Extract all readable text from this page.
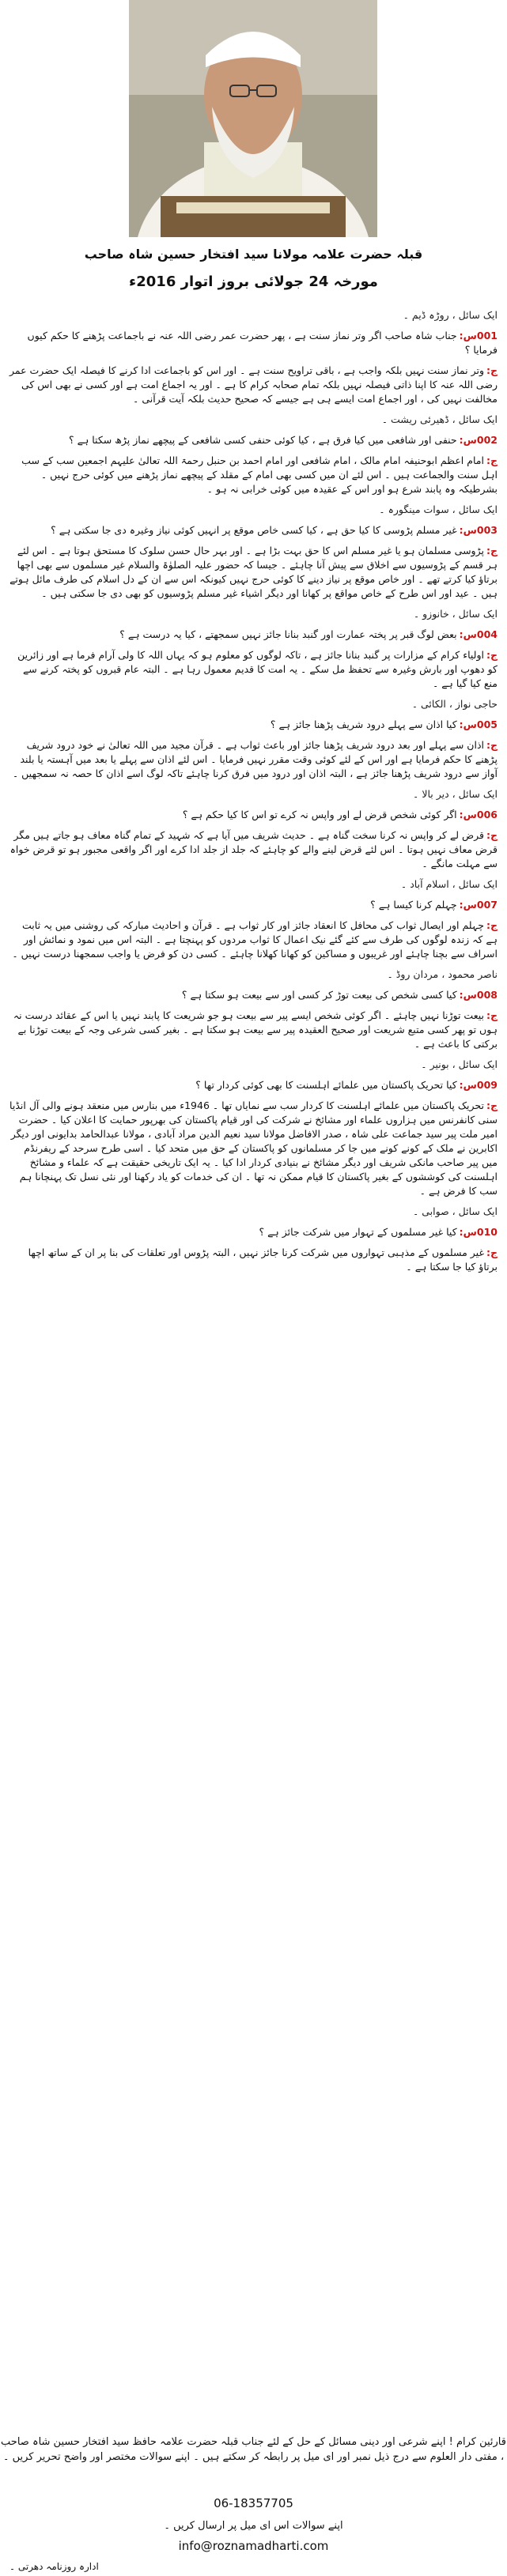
قبلہ حضرت علامہ مولانا سید افتخار حسین شاہ صاحب
مورخہ 24 جولائی بروز اتوار 2016ء

ایک سائل ، روڑہ ڈیم ۔

001س:جناب شاہ صاحب اگر وتر نماز سنت ہے ، پھر حضرت عمر رضی اللہ عنہ نے باجماعت پڑھنے کا حکم کیوں فرمایا ؟

ج:وتر نماز سنت نہیں بلکہ واجب ہے ، باقی تراویح سنت ہے ۔ اور اس کو باجماعت ادا کرنے کا فیصلہ ایک حضرت عمر رضی اللہ عنہ کا اپنا ذاتی فیصلہ نہیں بلکہ تمام صحابہ کرام کا ہے ۔ اور یہ اجماع امت ہے اور کسی نے بھی اس کی مخالفت نہیں کی ، اور اجماع امت ایسے ہی ہے جیسے کہ صحیح حدیث بلکہ آیت قرآنی ۔

ایک سائل ، ڈھیرئی ریشت ۔

002س:حنفی اور شافعی میں کیا فرق ہے ، کیا کوئی حنفی کسی شافعی کے پیچھے نماز پڑھ سکتا ہے ؟

ج:امام اعظم ابوحنیفہ امام مالک ، امام شافعی اور امام احمد بن حنبل رحمۃ اللہ تعالیٰ علیہم اجمعین سب کے سب اہل سنت والجماعت ہیں ۔ اس لئے ان میں کسی بھی امام کے مقلد کے پیچھے نماز پڑھنے میں کوئی حرج نہیں ۔ بشرطیکہ وہ پابند شرع ہو اور اس کے عقیدہ میں کوئی خرابی نہ ہو ۔

ایک سائل ، سوات مینگورہ ۔

003س:غیر مسلم پڑوسی کا کیا حق ہے ، کیا کسی خاص موقع پر انہیں کوئی نیاز وغیرہ دی جا سکتی ہے ؟

ج:پڑوسی مسلمان ہو یا غیر مسلم اس کا حق بہت بڑا ہے ۔ اور بہر حال حسن سلوک کا مستحق ہوتا ہے ۔ اس لئے ہر قسم کے پڑوسیوں سے اخلاق سے پیش آنا چاہئے ۔ جیسا کہ حضور علیہ الصلوٰۃ والسلام غیر مسلموں سے بھی اچھا برتاؤ کیا کرتے تھے ۔ اور خاص موقع پر نیاز دینے کا کوئی حرج نہیں کیونکہ اس سے ان کے دل اسلام کی طرف مائل ہوتے ہیں ۔ عید اور اس طرح کے خاص مواقع پر کھانا اور دیگر اشیاء غیر مسلم پڑوسیوں کو بھی دی جا سکتی ہیں ۔

ایک سائل ، خانوزو ۔

004س:بعض لوگ قبر پر پختہ عمارت اور گنبد بنانا جائز نہیں سمجھتے ، کیا یہ درست ہے ؟

ج:اولیاء کرام کے مزارات پر گنبد بنانا جائز ہے ، تاکہ لوگوں کو معلوم ہو کہ یہاں اللہ کا ولی آرام فرما ہے اور زائرین کو دھوپ اور بارش وغیرہ سے تحفظ مل سکے ۔ یہ امت کا قدیم معمول رہا ہے ۔ البتہ عام قبروں کو پختہ کرنے سے منع کیا گیا ہے ۔

حاجی نواز ، الکائی ۔

005س:کیا اذان سے پہلے درود شریف پڑھنا جائز ہے ؟

ج:اذان سے پہلے اور بعد درود شریف پڑھنا جائز اور باعث ثواب ہے ۔ قرآن مجید میں اللہ تعالیٰ نے خود درود شریف پڑھنے کا حکم فرمایا ہے اور اس کے لئے کوئی وقت مقرر نہیں فرمایا ۔ اس لئے اذان سے پہلے یا بعد میں آہستہ یا بلند آواز سے درود شریف پڑھنا جائز ہے ، البتہ اذان اور درود میں فرق کرنا چاہئے تاکہ لوگ اسے اذان کا حصہ نہ سمجھیں ۔

ایک سائل ، دیر بالا ۔

006س:اگر کوئی شخص قرض لے اور واپس نہ کرے تو اس کا کیا حکم ہے ؟

ج:قرض لے کر واپس نہ کرنا سخت گناہ ہے ۔ حدیث شریف میں آیا ہے کہ شہید کے تمام گناہ معاف ہو جاتے ہیں مگر قرض معاف نہیں ہوتا ۔ اس لئے قرض لینے والے کو چاہئے کہ جلد از جلد ادا کرے اور اگر واقعی مجبور ہو تو قرض خواہ سے مہلت مانگے ۔

ایک سائل ، اسلام آباد ۔

007س:چہلم کرنا کیسا ہے ؟

ج:چہلم اور ایصال ثواب کی محافل کا انعقاد جائز اور کار ثواب ہے ۔ قرآن و احادیث مبارکہ کی روشنی میں یہ ثابت ہے کہ زندہ لوگوں کی طرف سے کئے گئے نیک اعمال کا ثواب مردوں کو پہنچتا ہے ۔ البتہ اس میں نمود و نمائش اور اسراف سے بچنا چاہئے اور غریبوں و مساکین کو کھانا کھلانا چاہئے ۔ کسی دن کو فرض یا واجب سمجھنا درست نہیں ۔

ناصر محمود ، مردان روڈ ۔

008س:کیا کسی شخص کی بیعت توڑ کر کسی اور سے بیعت ہو سکتا ہے ؟

ج:بیعت توڑنا نہیں چاہئے ۔ اگر کوئی شخص ایسے پیر سے بیعت ہو جو شریعت کا پابند نہیں یا اس کے عقائد درست نہ ہوں تو پھر کسی متبع شریعت اور صحیح العقیدہ پیر سے بیعت ہو سکتا ہے ۔ بغیر کسی شرعی وجہ کے بیعت توڑنا بے برکتی کا باعث ہے ۔

ایک سائل ، بونیر ۔

009س:کیا تحریک پاکستان میں علمائے اہلسنت کا بھی کوئی کردار تھا ؟

ج:تحریک پاکستان میں علمائے اہلسنت کا کردار سب سے نمایاں تھا ۔ 1946ء میں بنارس میں منعقد ہونے والی آل انڈیا سنی کانفرنس میں ہزاروں علماء اور مشائخ نے شرکت کی اور قیام پاکستان کی بھرپور حمایت کا اعلان کیا ۔ حضرت امیر ملت پیر سید جماعت علی شاہ ، صدر الافاضل مولانا سید نعیم الدین مراد آبادی ، مولانا عبدالحامد بدایونی اور دیگر اکابرین نے ملک کے کونے کونے میں جا کر مسلمانوں کو پاکستان کے حق میں متحد کیا ۔ اسی طرح سرحد کے ریفرنڈم میں پیر صاحب مانکی شریف اور دیگر مشائخ نے بنیادی کردار ادا کیا ۔ یہ ایک تاریخی حقیقت ہے کہ علماء و مشائخ اہلسنت کی کوششوں کے بغیر پاکستان کا قیام ممکن نہ تھا ۔ ان کی خدمات کو یاد رکھنا اور نئی نسل تک پہنچانا ہم سب کا فرض ہے ۔

ایک سائل ، صوابی ۔

010س:کیا غیر مسلموں کے تہوار میں شرکت جائز ہے ؟

ج:غیر مسلموں کے مذہبی تہواروں میں شرکت کرنا جائز نہیں ، البتہ پڑوس اور تعلقات کی بنا پر ان کے ساتھ اچھا برتاؤ کیا جا سکتا ہے ۔

قارئین کرام ! اپنے شرعی اور دینی مسائل کے حل کے لئے جناب قبلہ حضرت علامہ حافظ سید افتخار حسین شاہ صاحب ، مفتی دار العلوم سے درج ذیل نمبر اور ای میل پر رابطہ کر سکتے ہیں ۔ اپنے سوالات مختصر اور واضح تحریر کریں ۔
06-18357705
اپنے سوالات اس ای میل پر ارسال کریں ۔
info@roznamadharti.com
ادارہ روزنامہ دھرتی ۔
